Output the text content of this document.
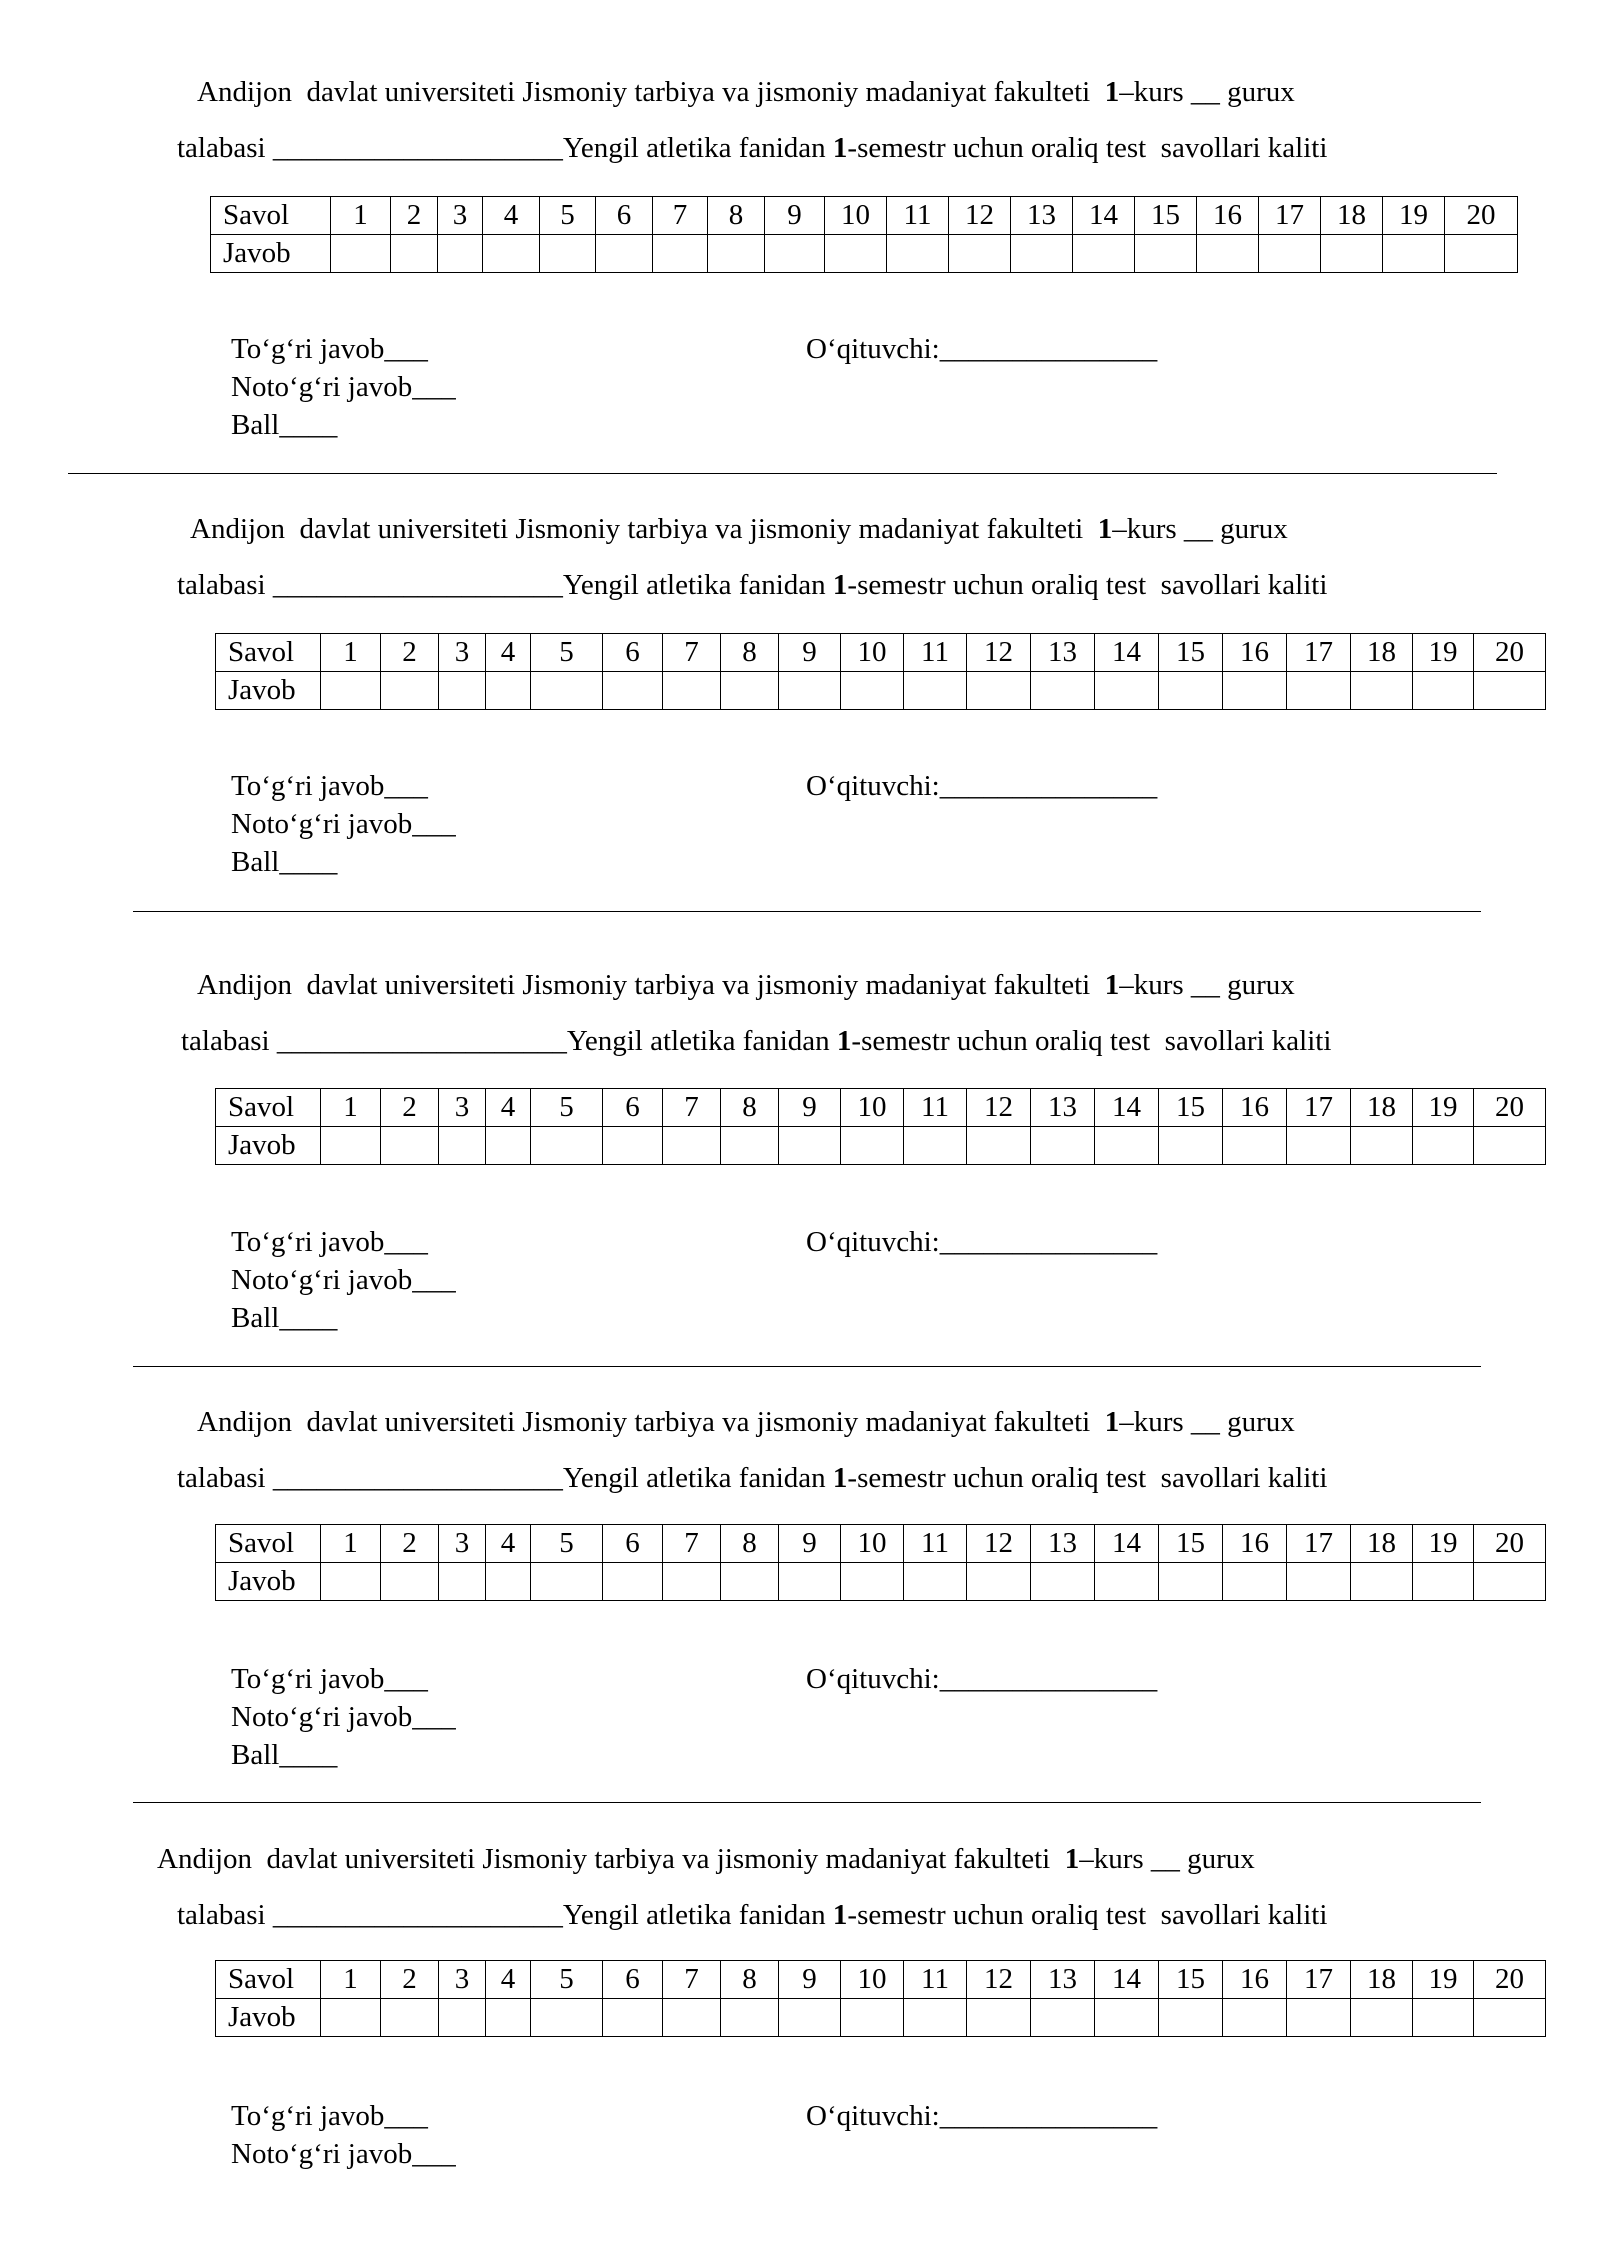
Andijon  davlat universiteti Jismoniy tarbiya va jismoniy madaniyat fakulteti  1–kurs __ gurux
talabasi ____________________Yengil atletika fanidan 1-semestr uchun oraliq test  savollari kaliti
Savol	1	2	3	4	5	6	7	8	9	10	11	12	13	14	15	16	17	18	19	20
Javob																				
To‘g‘ri javob___
Noto‘g‘ri javob___
Ball____
O‘qituvchi:_______________
Andijon  davlat universiteti Jismoniy tarbiya va jismoniy madaniyat fakulteti  1–kurs __ gurux
talabasi ____________________Yengil atletika fanidan 1-semestr uchun oraliq test  savollari kaliti
Savol	1	2	3	4	5	6	7	8	9	10	11	12	13	14	15	16	17	18	19	20
Javob																				
To‘g‘ri javob___
Noto‘g‘ri javob___
Ball____
O‘qituvchi:_______________
Andijon  davlat universiteti Jismoniy tarbiya va jismoniy madaniyat fakulteti  1–kurs __ gurux
talabasi ____________________Yengil atletika fanidan 1-semestr uchun oraliq test  savollari kaliti
Savol	1	2	3	4	5	6	7	8	9	10	11	12	13	14	15	16	17	18	19	20
Javob																				
To‘g‘ri javob___
Noto‘g‘ri javob___
Ball____
O‘qituvchi:_______________
Andijon  davlat universiteti Jismoniy tarbiya va jismoniy madaniyat fakulteti  1–kurs __ gurux
talabasi ____________________Yengil atletika fanidan 1-semestr uchun oraliq test  savollari kaliti
Savol	1	2	3	4	5	6	7	8	9	10	11	12	13	14	15	16	17	18	19	20
Javob																				
To‘g‘ri javob___
Noto‘g‘ri javob___
Ball____
O‘qituvchi:_______________
Andijon  davlat universiteti Jismoniy tarbiya va jismoniy madaniyat fakulteti  1–kurs __ gurux
talabasi ____________________Yengil atletika fanidan 1-semestr uchun oraliq test  savollari kaliti
Savol	1	2	3	4	5	6	7	8	9	10	11	12	13	14	15	16	17	18	19	20
Javob																				
To‘g‘ri javob___
Noto‘g‘ri javob___
O‘qituvchi:_______________
